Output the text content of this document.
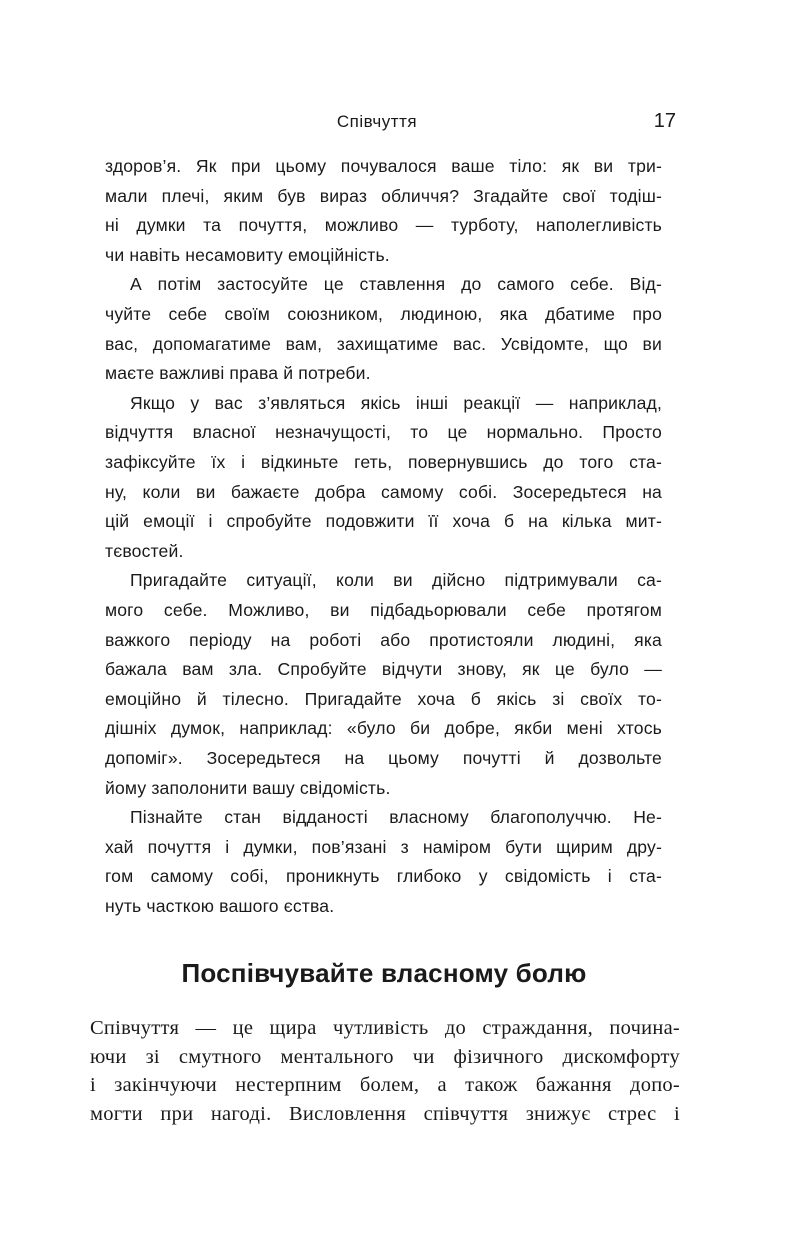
Співчуття	17
здоров’я. Як при цьому почувалося ваше тіло: як ви три-
мали плечі, яким був вираз обличчя? Згадайте свої тодіш-
ні думки та почуття, можливо — турботу, наполегливість
чи навіть несамовиту емоційність.
А потім застосуйте це ставлення до самого себе. Від-
чуйте себе своїм союзником, людиною, яка дбатиме про
вас, допомагатиме вам, захищатиме вас. Усвідомте, що ви
маєте важливі права й потреби.
Якщо у вас з’являться якісь інші реакції — наприклад,
відчуття власної незначущості, то це нормально. Просто
зафіксуйте їх і відкиньте геть, повернувшись до того ста-
ну, коли ви бажаєте добра самому собі. Зосередьтеся на
цій емоції і спробуйте подовжити її хоча б на кілька мит-
тєвостей.
Пригадайте ситуації, коли ви дійсно підтримували са-
мого себе. Можливо, ви підбадьорювали себе протягом
важкого періоду на роботі або протистояли людині, яка
бажала вам зла. Спробуйте відчути знову, як це було —
емоційно й тілесно. Пригадайте хоча б якісь зі своїх то-
дішніх думок, наприклад: «було би добре, якби мені хтось
допоміг». Зосередьтеся на цьому почутті й дозвольте
йому заполонити вашу свідомість.
Пізнайте стан відданості власному благополуччю. Не-
хай почуття і думки, пов’язані з наміром бути щирим дру-
гом самому собі, проникнуть глибоко у свідомість і ста-
нуть часткою вашого єства.
Поспівчувайте власному болю
Співчуття — це щира чутливість до страждання, почина-
ючи зі смутного ментального чи фізичного дискомфорту
і закінчуючи нестерпним болем, а також бажання допо-
могти при нагоді. Висловлення співчуття знижує стрес і
